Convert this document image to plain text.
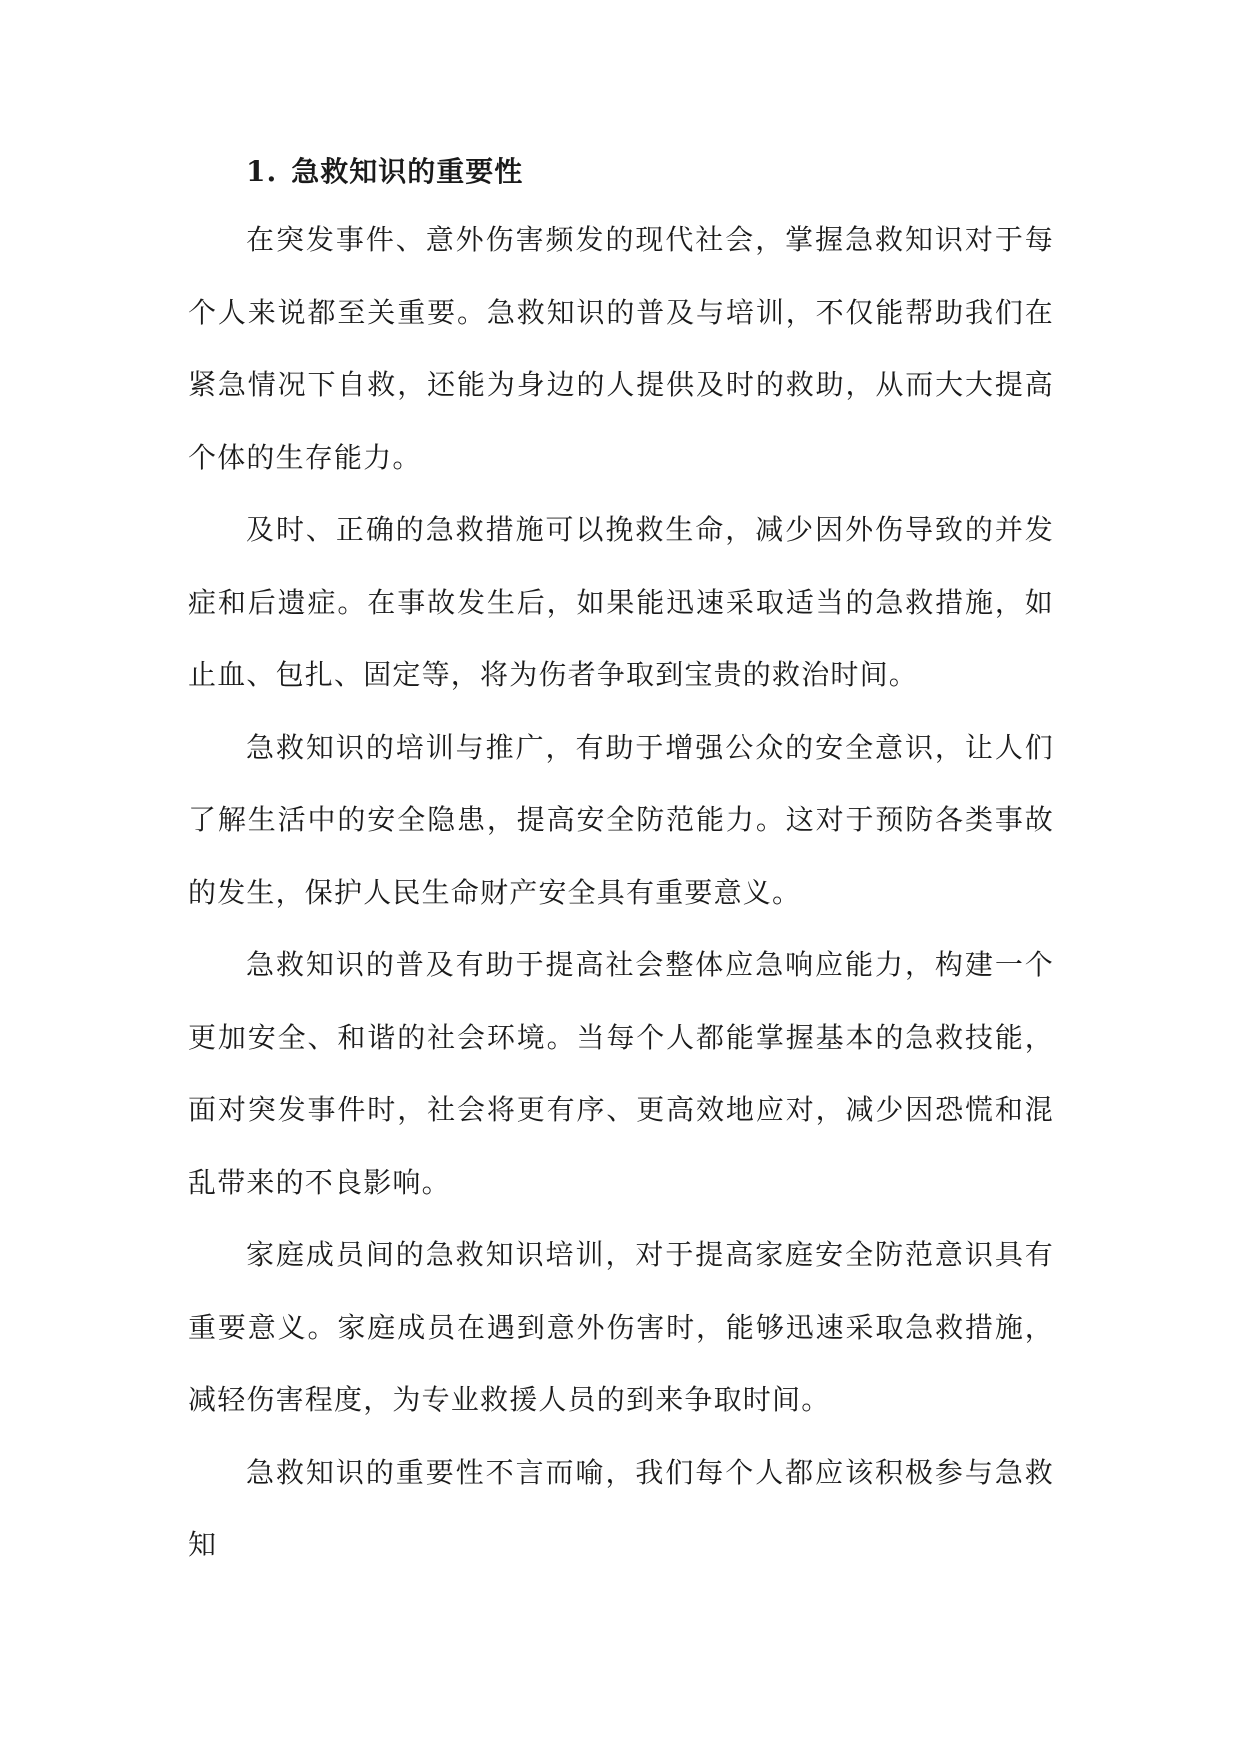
1. 急救知识的重要性

在突发事件、意外伤害频发的现代社会，掌握急救知识对于每个人来说都至关重要。急救知识的普及与培训，不仅能帮助我们在紧急情况下自救，还能为身边的人提供及时的救助，从而大大提高个体的生存能力。

及时、正确的急救措施可以挽救生命，减少因外伤导致的并发症和后遗症。在事故发生后，如果能迅速采取适当的急救措施，如止血、包扎、固定等，将为伤者争取到宝贵的救治时间。

急救知识的培训与推广，有助于增强公众的安全意识，让人们了解生活中的安全隐患，提高安全防范能力。这对于预防各类事故的发生，保护人民生命财产安全具有重要意义。

急救知识的普及有助于提高社会整体应急响应能力，构建一个更加安全、和谐的社会环境。当每个人都能掌握基本的急救技能，面对突发事件时，社会将更有序、更高效地应对，减少因恐慌和混乱带来的不良影响。

家庭成员间的急救知识培训，对于提高家庭安全防范意识具有重要意义。家庭成员在遇到意外伤害时，能够迅速采取急救措施，减轻伤害程度，为专业救援人员的到来争取时间。

急救知识的重要性不言而喻，我们每个人都应该积极参与急救知
